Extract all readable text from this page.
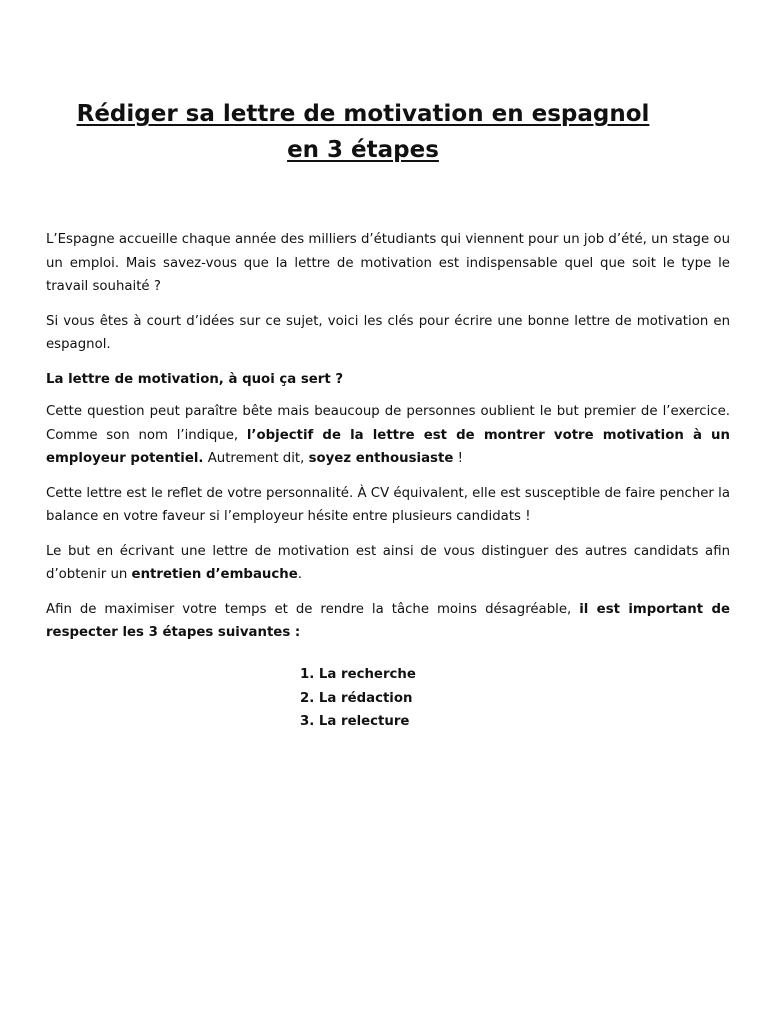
Rédiger sa lettre de motivation en espagnol
en 3 étapes

L’Espagne accueille chaque année des milliers d’étudiants qui viennent pour un job d’été, un stage ou un emploi. Mais savez-vous que la lettre de motivation est indispensable quel que soit le type le travail souhaité ?

Si vous êtes à court d’idées sur ce sujet, voici les clés pour écrire une bonne lettre de motivation en espagnol.

La lettre de motivation, à quoi ça sert ?

Cette question peut paraître bête mais beaucoup de personnes oublient le but premier de l’exercice. Comme son nom l’indique, l’objectif de la lettre est de montrer votre motivation à un employeur potentiel. Autrement dit, soyez enthousiaste !

Cette lettre est le reflet de votre personnalité. À CV équivalent, elle est susceptible de faire pencher la balance en votre faveur si l’employeur hésite entre plusieurs candidats !

Le but en écrivant une lettre de motivation est ainsi de vous distinguer des autres candidats afin d’obtenir un entretien d’embauche.

Afin de maximiser votre temps et de rendre la tâche moins désagréable, il est important de respecter les 3 étapes suivantes :

1. La recherche
2. La rédaction
3. La relecture
